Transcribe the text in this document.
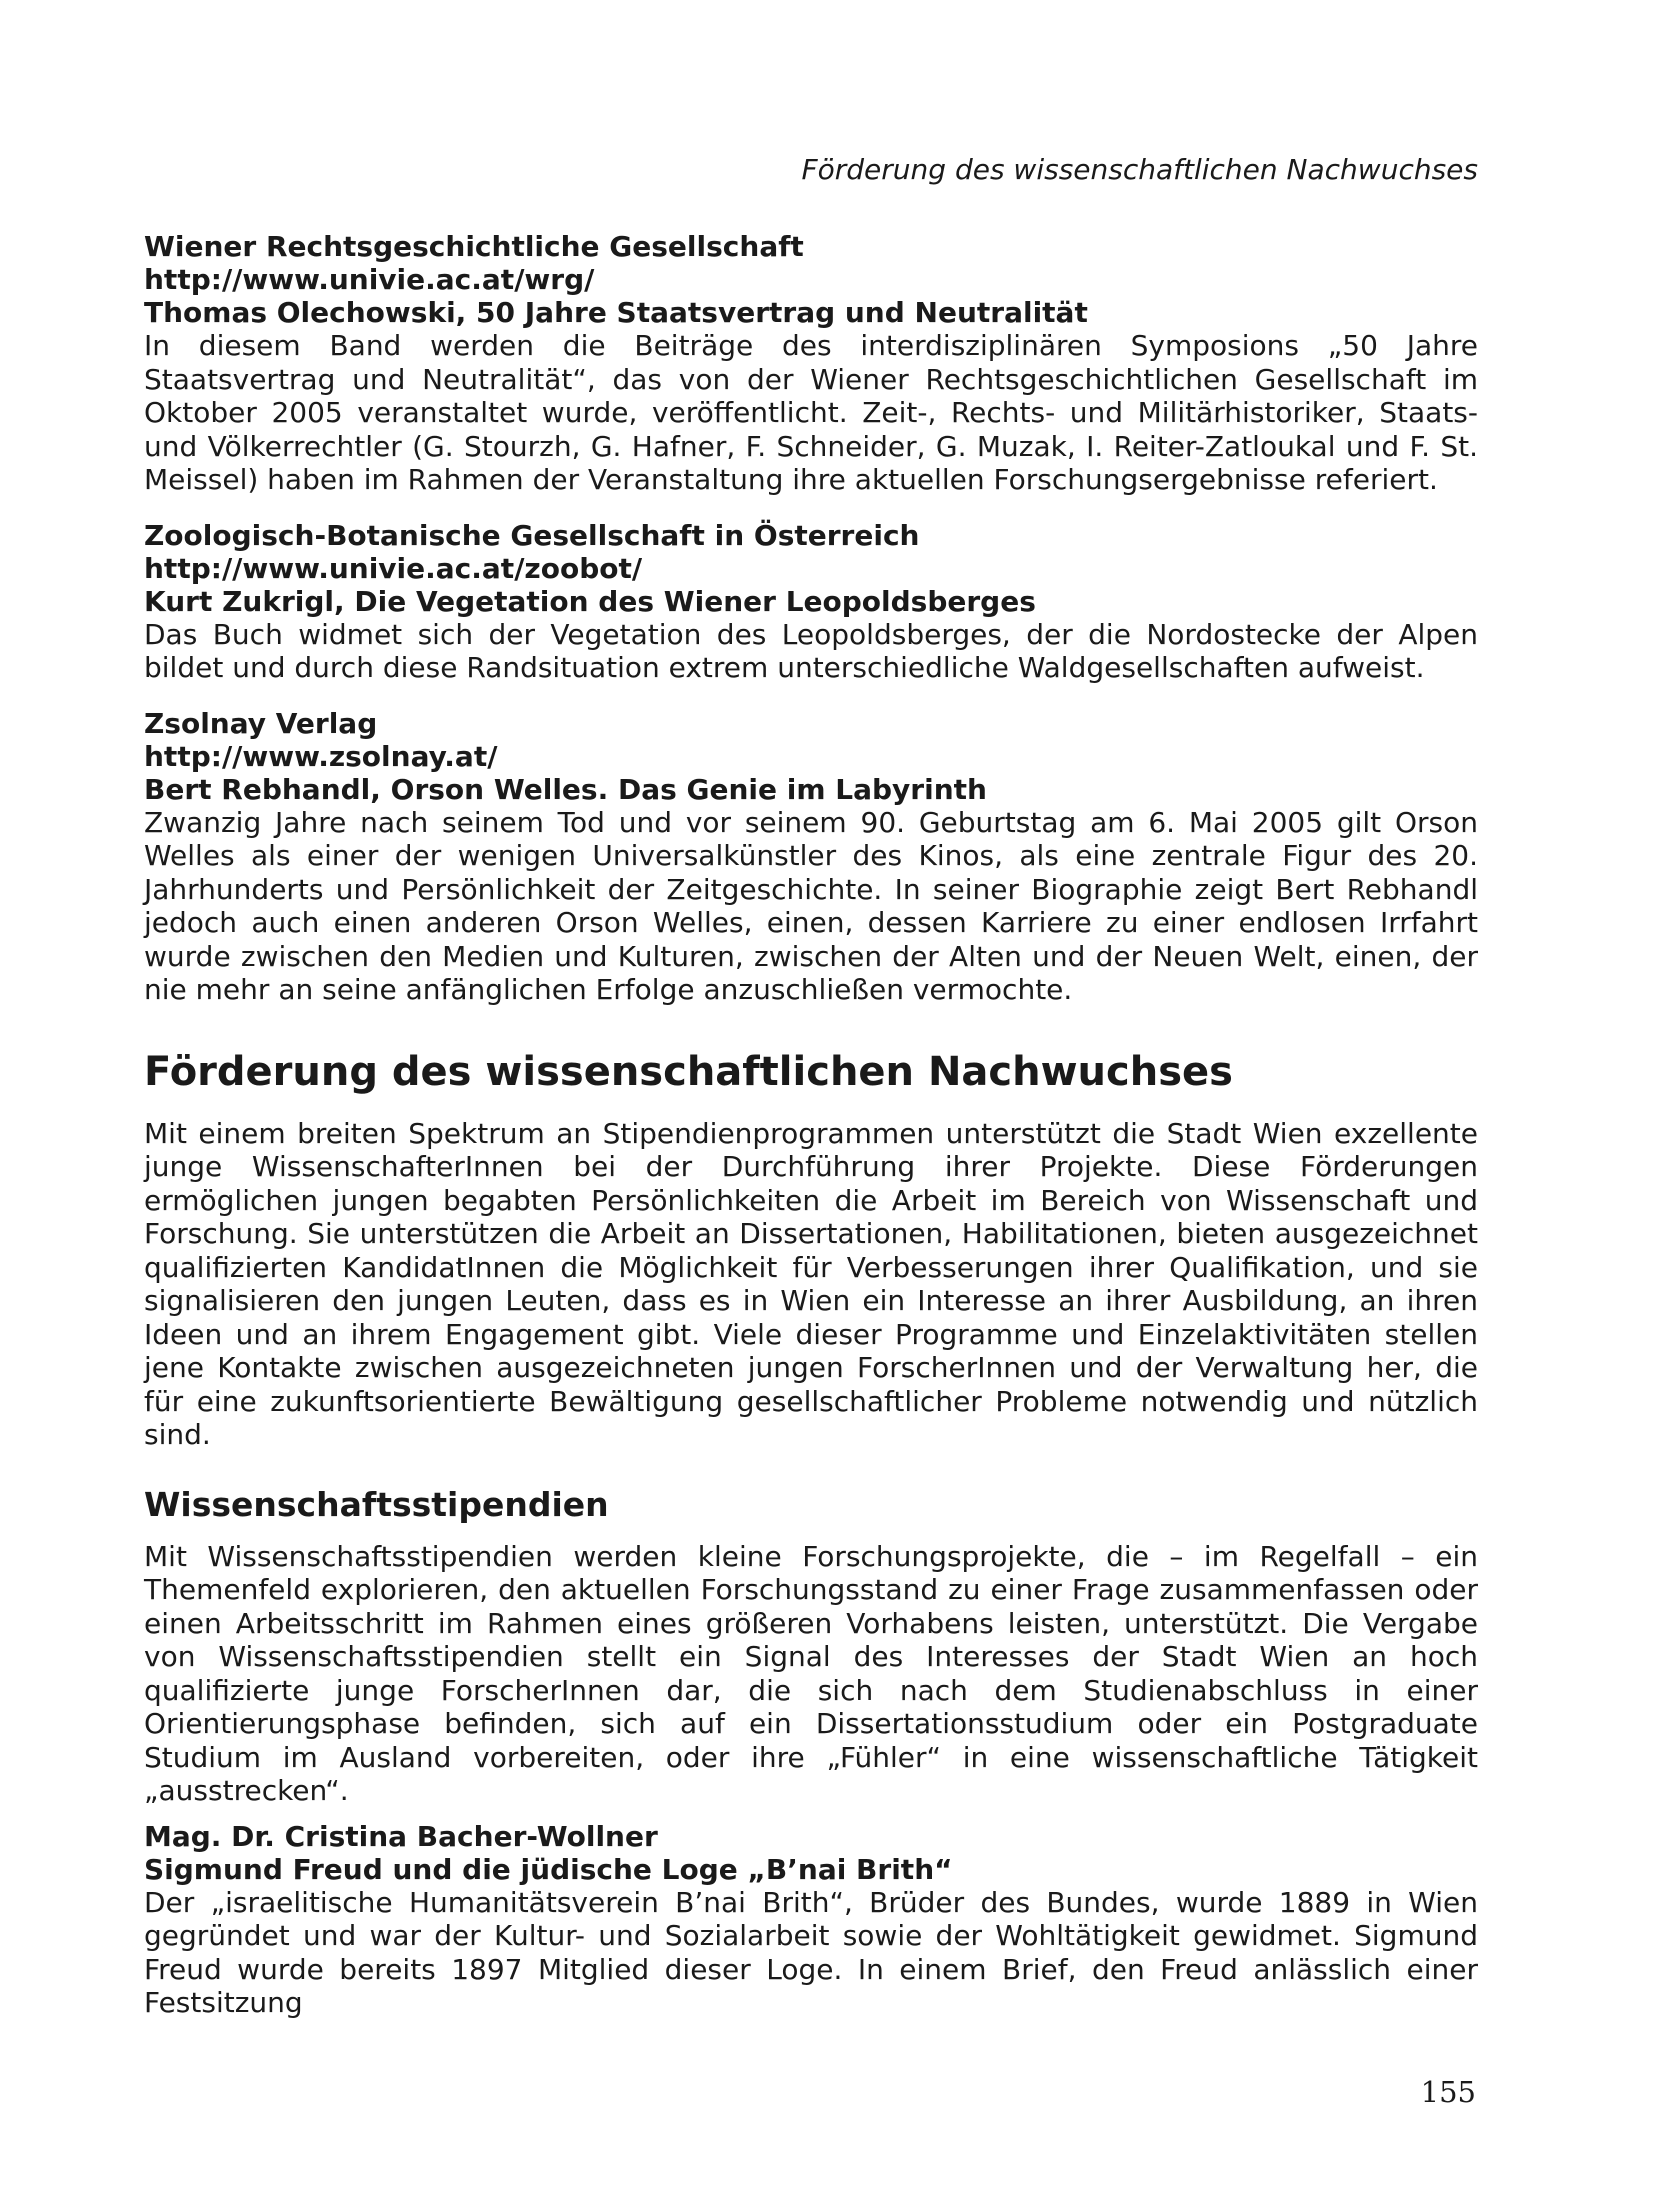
Förderung des wissenschaftlichen Nachwuchses
Wiener Rechtsgeschichtliche Gesellschaft
http://www.univie.ac.at/wrg/
Thomas Olechowski, 50 Jahre Staatsvertrag und Neutralität

In diesem Band werden die Beiträge des interdisziplinären Symposions „50 Jahre Staatsvertrag und Neutralität“, das von der Wiener Rechtsgeschichtlichen Gesellschaft im Oktober 2005 veranstaltet wurde, veröffentlicht. Zeit-, Rechts- und Militärhistoriker, Staats- und Völkerrechtler (G. Stourzh, G. Hafner, F. Schneider, G. Muzak, I. Reiter-Zatloukal und F. St. Meissel) haben im Rahmen der Veranstaltung ihre aktuellen Forschungsergebnisse referiert.

Zoologisch-Botanische Gesellschaft in Österreich
http://www.univie.ac.at/zoobot/
Kurt Zukrigl, Die Vegetation des Wiener Leopoldsberges

Das Buch widmet sich der Vegetation des Leopoldsberges, der die Nordostecke der Alpen bildet und durch diese Randsituation extrem unterschiedliche Waldgesellschaften aufweist.

Zsolnay Verlag
http://www.zsolnay.at/
Bert Rebhandl, Orson Welles. Das Genie im Labyrinth

Zwanzig Jahre nach seinem Tod und vor seinem 90. Geburtstag am 6. Mai 2005 gilt Orson Welles als einer der wenigen Universalkünstler des Kinos, als eine zentrale Figur des 20. Jahrhunderts und Persönlichkeit der Zeitgeschichte. In seiner Biographie zeigt Bert Rebhandl jedoch auch einen anderen Orson Welles, einen, dessen Karriere zu einer endlosen Irrfahrt wurde zwischen den Medien und Kulturen, zwischen der Alten und der Neuen Welt, einen, der nie mehr an seine anfänglichen Erfolge anzuschließen vermochte.

Förderung des wissenschaftlichen Nachwuchses

Mit einem breiten Spektrum an Stipendienprogrammen unterstützt die Stadt Wien exzellente junge WissenschafterInnen bei der Durchführung ihrer Projekte. Diese Förderungen ermöglichen jungen begabten Persönlichkeiten die Arbeit im Bereich von Wissenschaft und Forschung. Sie unterstützen die Arbeit an Dissertationen, Habilitationen, bieten ausgezeichnet qualifizierten KandidatInnen die Möglichkeit für Verbesserungen ihrer Qualifikation, und sie signalisieren den jungen Leuten, dass es in Wien ein Interesse an ihrer Ausbildung, an ihren Ideen und an ihrem Engagement gibt. Viele dieser Programme und Einzelaktivitäten stellen jene Kontakte zwischen ausgezeichneten jungen ForscherInnen und der Verwaltung her, die für eine zukunftsorientierte Bewältigung gesellschaftlicher Probleme notwendig und nützlich sind.

Wissenschaftsstipendien

Mit Wissenschaftsstipendien werden kleine Forschungsprojekte, die – im Regelfall – ein Themenfeld explorieren, den aktuellen Forschungsstand zu einer Frage zusammenfassen oder einen Arbeitsschritt im Rahmen eines größeren Vorhabens leisten, unterstützt. Die Vergabe von Wissenschaftsstipendien stellt ein Signal des Interesses der Stadt Wien an hoch qualifizierte junge ForscherInnen dar, die sich nach dem Studienabschluss in einer Orientierungsphase befinden, sich auf ein Dissertationsstudium oder ein Postgraduate Studium im Ausland vorbereiten, oder ihre „Fühler“ in eine wissenschaftliche Tätigkeit „ausstrecken“.

Mag. Dr. Cristina Bacher-Wollner
Sigmund Freud und die jüdische Loge „B’nai Brith“

Der „israelitische Humanitätsverein B’nai Brith“, Brüder des Bundes, wurde 1889 in Wien gegründet und war der Kultur- und Sozialarbeit sowie der Wohltätigkeit gewidmet. Sigmund Freud wurde bereits 1897 Mitglied dieser Loge. In einem Brief, den Freud anlässlich einer Festsitzung

155
